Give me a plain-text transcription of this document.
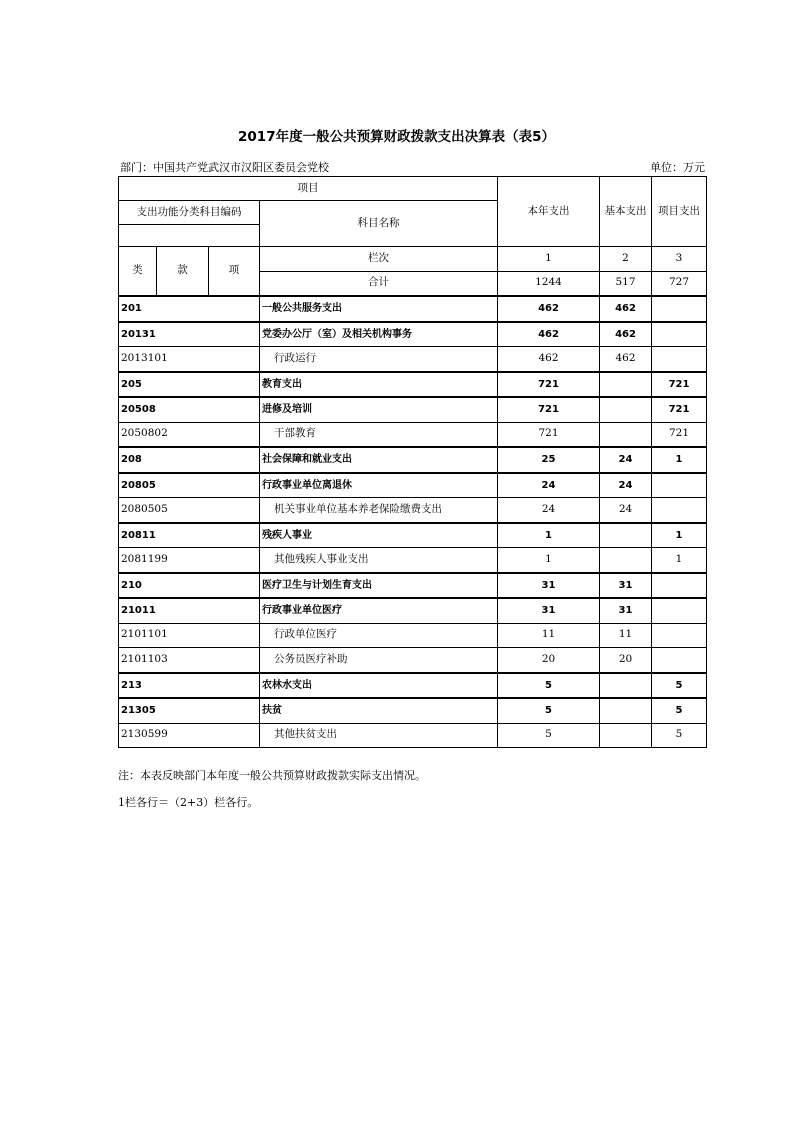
2017年度一般公共预算财政拨款支出决算表（表5）
部门：中国共产党武汉市汉阳区委员会党校	单位：万元
项目				本年支出	基本支出	项目支出
支出功能分类科目编码			科目名称			

类	款	项	栏次	1	2	3
			合计	1244	517	727
201			一般公共服务支出	462	462	
20131			党委办公厅（室）及相关机构事务	462	462	
2013101			行政运行	462	462	
205			教育支出	721		721
20508			进修及培训	721		721
2050802			干部教育	721		721
208			社会保障和就业支出	25	24	1
20805			行政事业单位离退休	24	24	
2080505			机关事业单位基本养老保险缴费支出	24	24	
20811			残疾人事业	1		1
2081199			其他残疾人事业支出	1		1
210			医疗卫生与计划生育支出	31	31	
21011			行政事业单位医疗	31	31	
2101101			行政单位医疗	11	11	
2101103			公务员医疗补助	20	20	
213			农林水支出	5		5
21305			扶贫	5		5
2130599			其他扶贫支出	5		5
注：本表反映部门本年度一般公共预算财政拨款实际支出情况。
1栏各行＝（2+3）栏各行。
